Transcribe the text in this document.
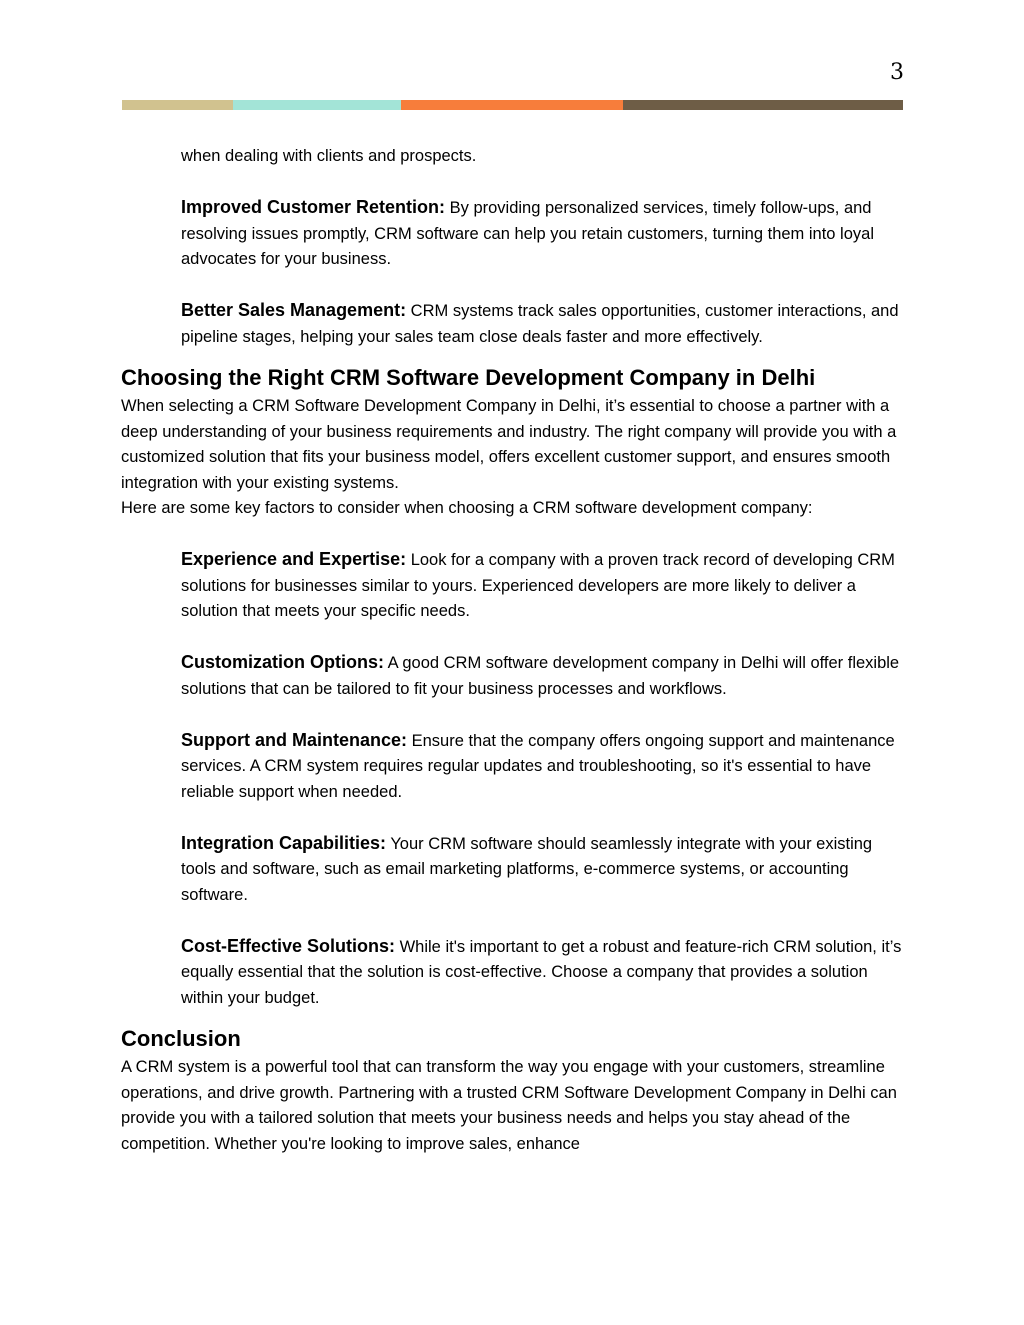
3

when dealing with clients and prospects.

Improved Customer Retention: By providing personalized services, timely follow-ups, and resolving issues promptly, CRM software can help you retain customers, turning them into loyal advocates for your business.

Better Sales Management: CRM systems track sales opportunities, customer interactions, and pipeline stages, helping your sales team close deals faster and more effectively.

Choosing the Right CRM Software Development Company in Delhi

When selecting a CRM Software Development Company in Delhi, it’s essential to choose a partner with a deep understanding of your business requirements and industry. The right company will provide you with a customized solution that fits your business model, offers excellent customer support, and ensures smooth integration with your existing systems.

Here are some key factors to consider when choosing a CRM software development company:

Experience and Expertise: Look for a company with a proven track record of developing CRM solutions for businesses similar to yours. Experienced developers are more likely to deliver a solution that meets your specific needs.

Customization Options: A good CRM software development company in Delhi will offer flexible solutions that can be tailored to fit your business processes and workflows.

Support and Maintenance: Ensure that the company offers ongoing support and maintenance services. A CRM system requires regular updates and troubleshooting, so it's essential to have reliable support when needed.

Integration Capabilities: Your CRM software should seamlessly integrate with your existing tools and software, such as email marketing platforms, e-commerce systems, or accounting software.

Cost-Effective Solutions: While it's important to get a robust and feature-rich CRM solution, it’s equally essential that the solution is cost-effective. Choose a company that provides a solution within your budget.

Conclusion

A CRM system is a powerful tool that can transform the way you engage with your customers, streamline operations, and drive growth. Partnering with a trusted CRM Software Development Company in Delhi can provide you with a tailored solution that meets your business needs and helps you stay ahead of the competition. Whether you're looking to improve sales, enhance
